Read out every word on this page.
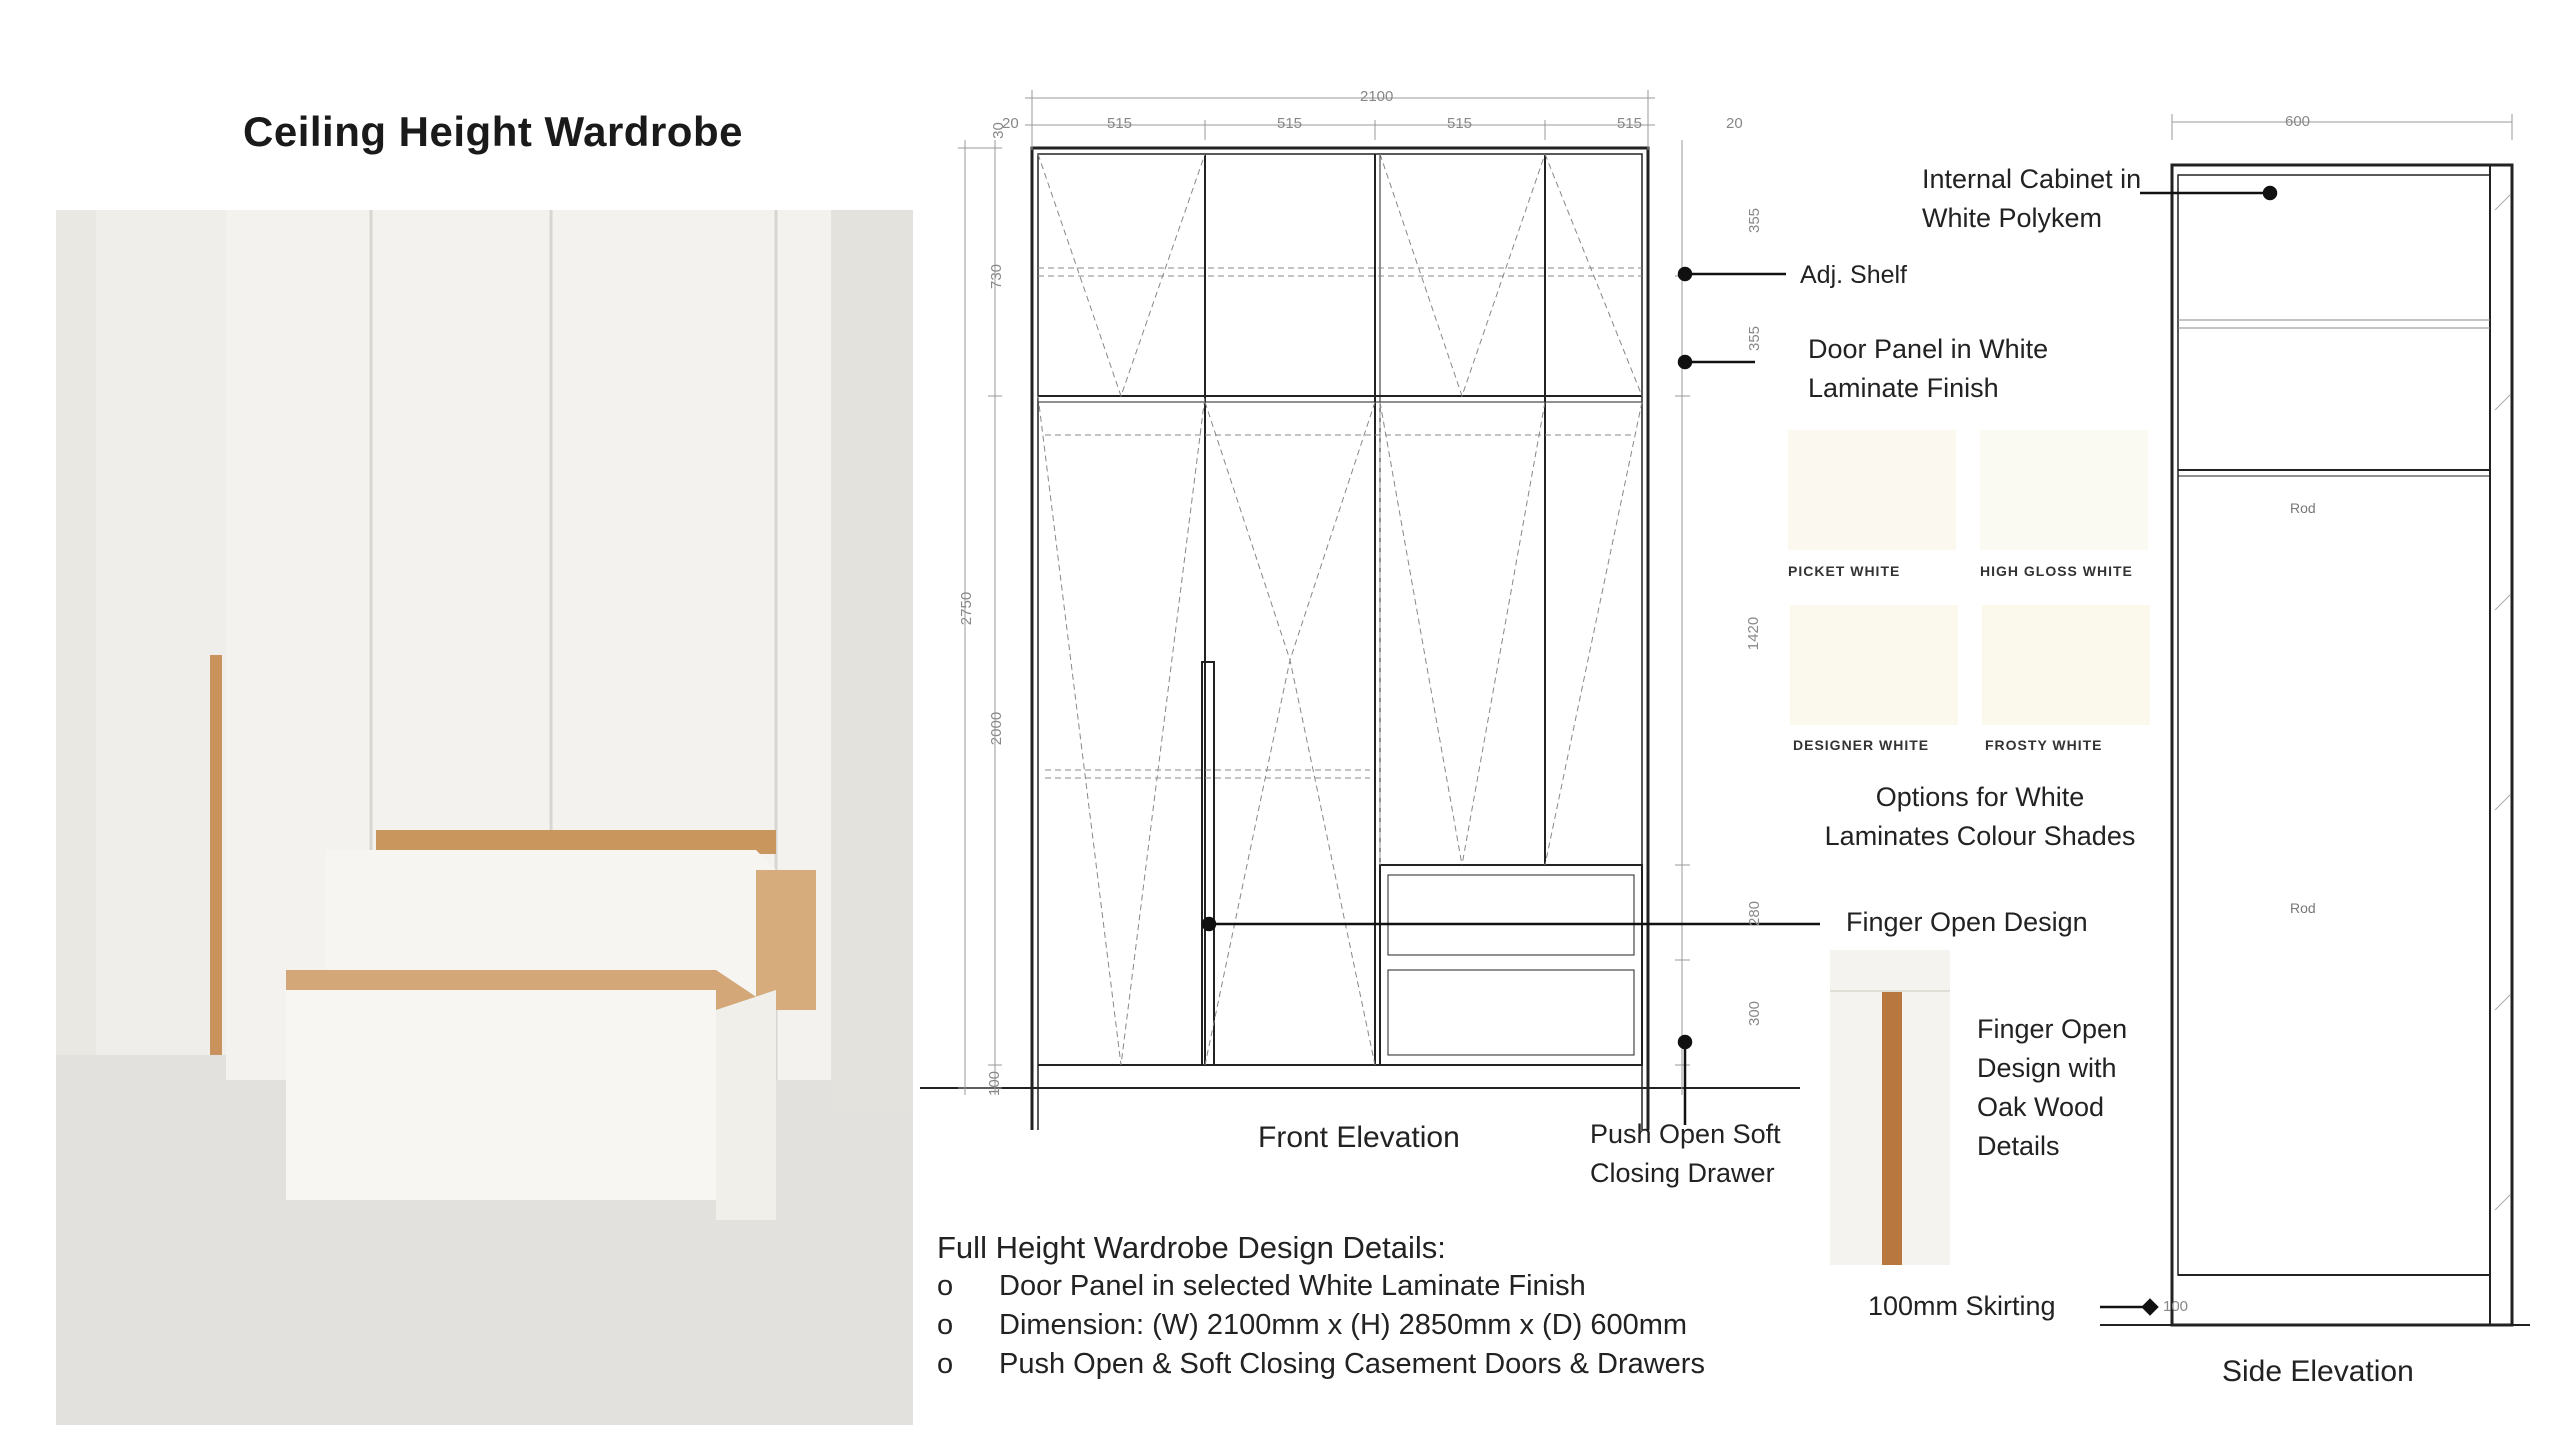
Ceiling Height Wardrobe
2100
20	20
515	515	515	515
30
730
2750
2000
100
355
355
1420
280
300
Adj. Shelf
Door Panel in White
Laminate Finish
Finger Open Design
Push Open Soft
Closing Drawer
Front Elevation
PICKET WHITE	HIGH GLOSS WHITE
DESIGNER WHITE	FROSTY WHITE
Options for White
Laminates Colour Shades
Finger Open
Design with
Oak Wood
Details
600
100
Rod
Rod
Internal Cabinet in
White Polykem
100mm Skirting
Side Elevation
Full Height Wardrobe Design Details:
o	Door Panel in selected White Laminate Finish
o	Dimension: (W) 2100mm x (H) 2850mm x (D) 600mm
o	Push Open & Soft Closing Casement Doors & Drawers
